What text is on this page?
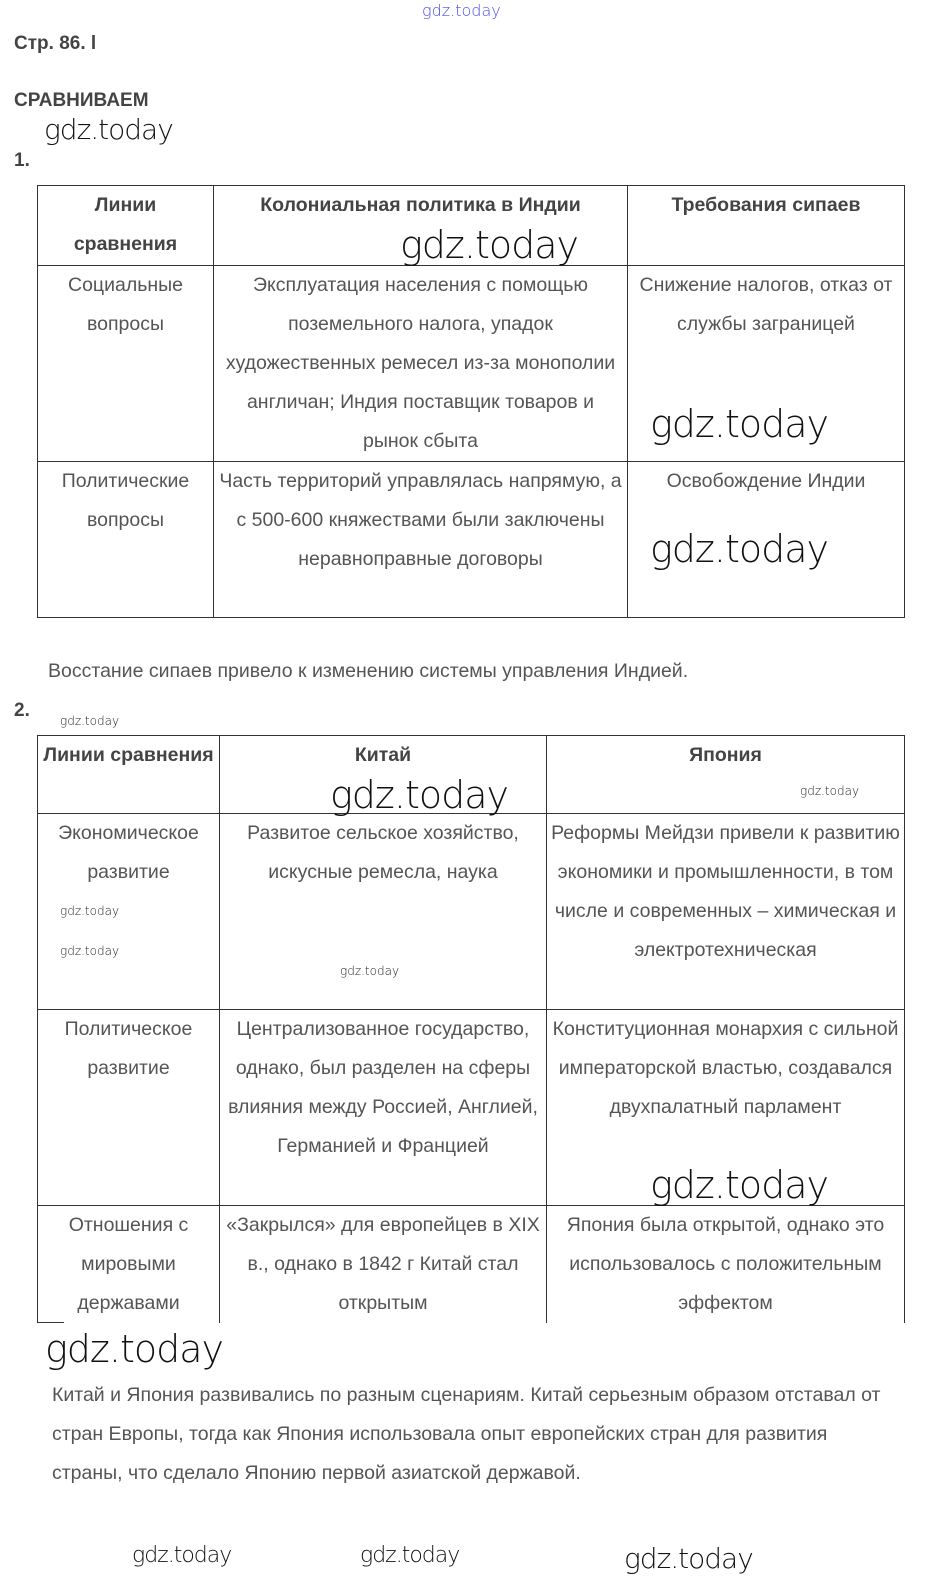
Стр. 86. l
СРАВНИВАЕМ
1.
Линии сравнения	Колониальная политика в Индии	Требования сипаев
Социальные вопросы	Эксплуатация населения с помощью поземельного налога, упадок художественных ремесел из-за монополии англичан; Индия поставщик товаров и рынок сбыта	Снижение налогов, отказ от службы заграницей
Политические вопросы	Часть территорий управлялась напрямую, а с 500-600 княжествами были заключены неравноправные договоры	Освобождение Индии
Восстание сипаев привело к изменению системы управления Индией.
2.
Линии сравнения	Китай	Япония
Экономическое развитие	Развитое сельское хозяйство, искусные ремесла, наука	Реформы Мейдзи привели к развитию экономики и промышленности, в том числе и современных – химическая и электротехническая
Политическое развитие	Централизованное государство, однако, был разделен на сферы влияния между Россией, Англией, Германией и Францией	Конституционная монархия с сильной императорской властью, создавался двухпалатный парламент
Отношения с мировыми державами	«Закрылся» для европейцев в XIX в., однако в 1842 г Китай стал открытым	Япония была открытой, однако это использовалось с положительным эффектом
Китай и Япония развивались по разным сценариям. Китай серьезным образом отставал от стран Европы, тогда как Япония использовала опыт европейских стран для развития страны, что сделало Японию первой азиатской державой.
gdz.today
gdz.today
gdz.today
gdz.today
gdz.today
gdz.today
gdz.today	gdz.today
gdz.today
gdz.today
gdz.today
gdz.today
gdz.today
gdz.today	gdz.today	gdz.today
